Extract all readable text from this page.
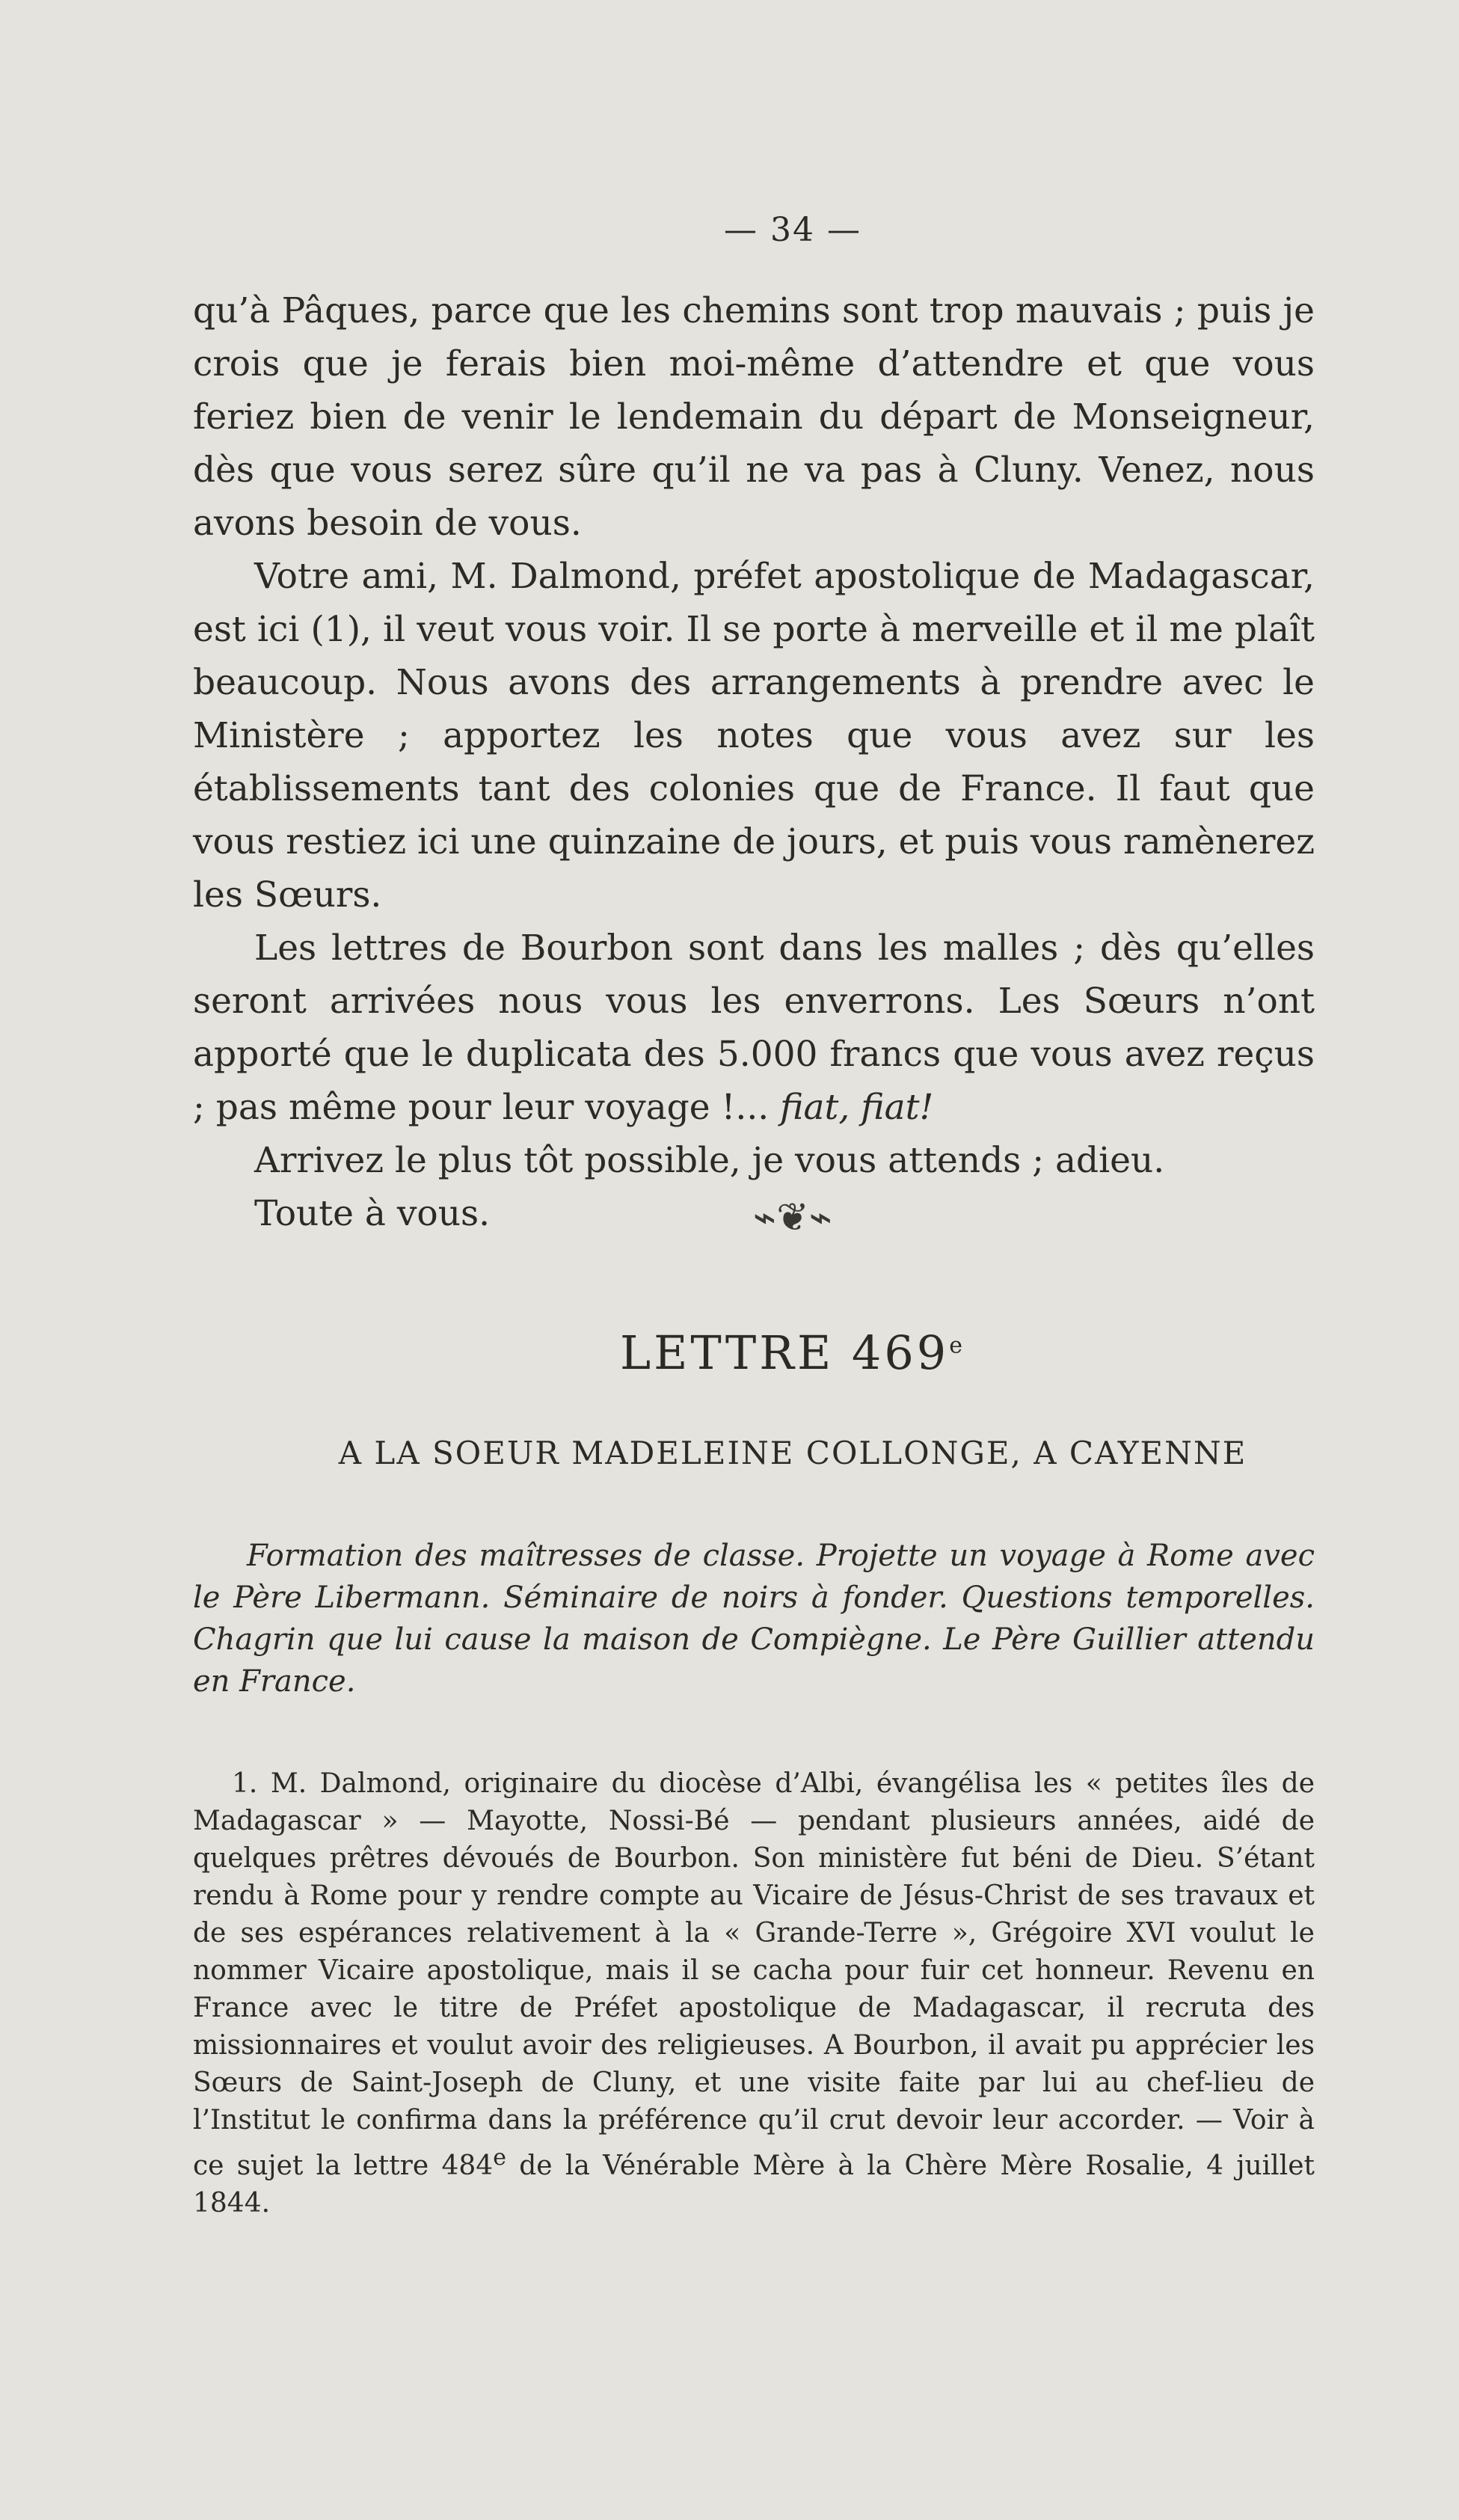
— 34 —

qu’à Pâques, parce que les chemins sont trop mauvais ; puis je crois que je ferais bien moi-même d’attendre et que vous feriez bien de venir le lendemain du départ de Monseigneur, dès que vous serez sûre qu’il ne va pas à Cluny. Venez, nous avons besoin de vous.

Votre ami, M. Dalmond, préfet apostolique de Madagascar, est ici (1), il veut vous voir. Il se porte à merveille et il me plaît beaucoup. Nous avons des arrangements à prendre avec le Ministère ; apportez les notes que vous avez sur les établissements tant des colonies que de France. Il faut que vous restiez ici une quinzaine de jours, et puis vous ramènerez les Sœurs.

Les lettres de Bourbon sont dans les malles ; dès qu’elles seront arrivées nous vous les enverrons. Les Sœurs n’ont apporté que le duplicata des 5.000 francs que vous avez reçus ; pas même pour leur voyage !... fiat, fiat!

Arrivez le plus tôt possible, je vous attends ; adieu.

Toute à vous.	⌁❦⌁
LETTRE 469e
A LA SOEUR MADELEINE COLLONGE, A CAYENNE

Formation des maîtresses de classe. Projette un voyage à Rome avec le Père Libermann. Séminaire de noirs à fonder. Questions temporelles. Chagrin que lui cause la maison de Compiègne. Le Père Guillier attendu en France.

1. M. Dalmond, originaire du diocèse d’Albi, évangélisa les « petites îles de Madagascar » — Mayotte, Nossi-Bé — pendant plusieurs années, aidé de quelques prêtres dévoués de Bourbon. Son ministère fut béni de Dieu. S’étant rendu à Rome pour y rendre compte au Vicaire de Jésus-Christ de ses travaux et de ses espérances relativement à la « Grande-Terre », Grégoire XVI voulut le nommer Vicaire apostolique, mais il se cacha pour fuir cet honneur. Revenu en France avec le titre de Préfet apostolique de Madagascar, il recruta des missionnaires et voulut avoir des religieuses. A Bourbon, il avait pu apprécier les Sœurs de Saint-Joseph de Cluny, et une visite faite par lui au chef-lieu de l’Institut le confirma dans la préférence qu’il crut devoir leur accorder. — Voir à ce sujet la lettre 484e de la Vénérable Mère à la Chère Mère Rosalie, 4 juillet 1844.
